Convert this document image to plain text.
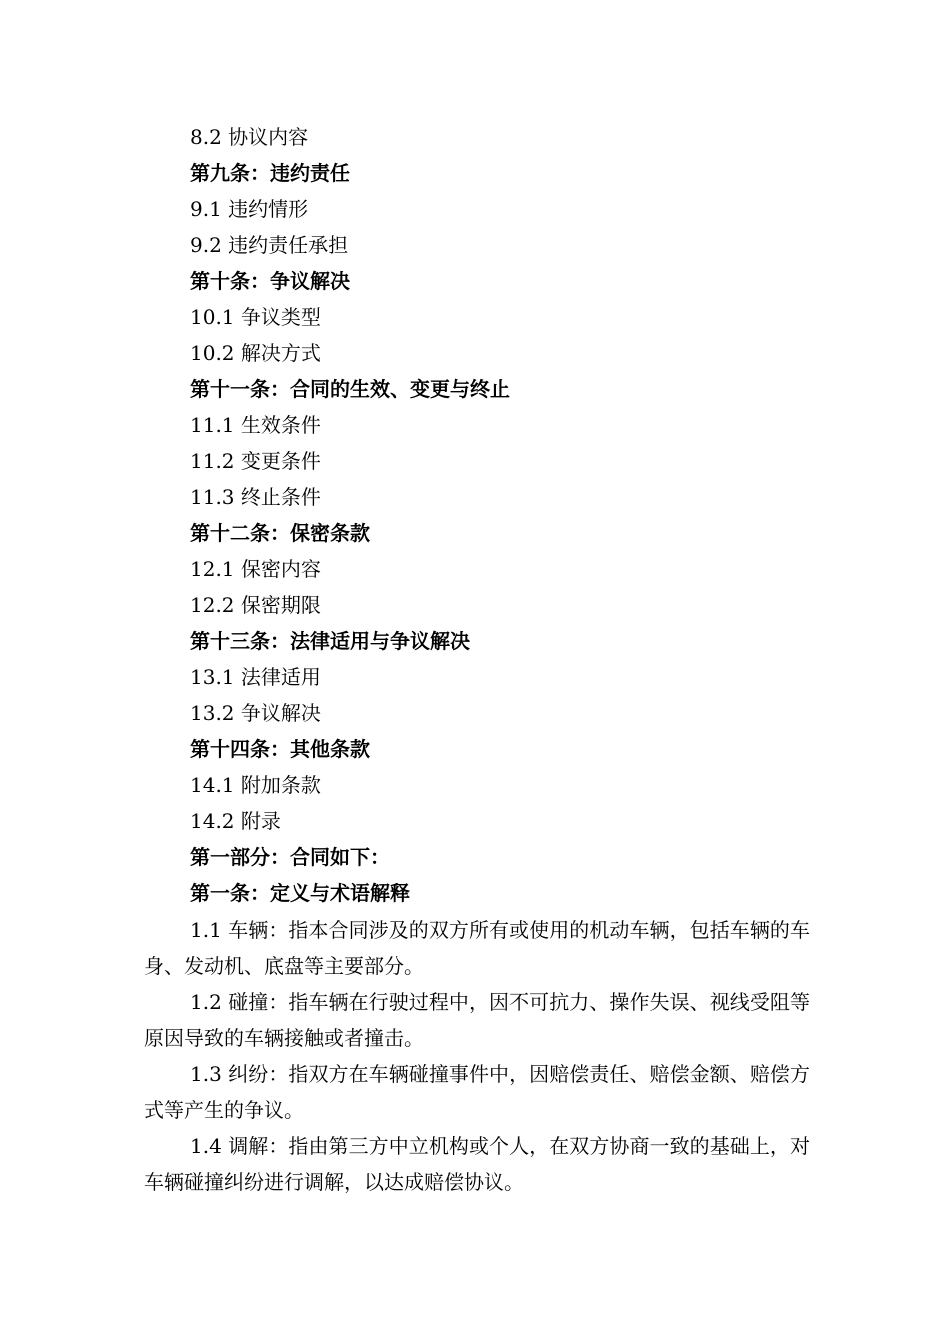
8.2 协议内容
第九条：违约责任
9.1 违约情形
9.2 违约责任承担
第十条：争议解决
10.1 争议类型
10.2 解决方式
第十一条：合同的生效、变更与终止
11.1 生效条件
11.2 变更条件
11.3 终止条件
第十二条：保密条款
12.1 保密内容
12.2 保密期限
第十三条：法律适用与争议解决
13.1 法律适用
13.2 争议解决
第十四条：其他条款
14.1 附加条款
14.2 附录
第一部分：合同如下：
第一条：定义与术语解释
1.1 车辆：指本合同涉及的双方所有或使用的机动车辆，包括车辆的车身、发动机、底盘等主要部分。
1.2 碰撞：指车辆在行驶过程中，因不可抗力、操作失误、视线受阻等原因导致的车辆接触或者撞击。
1.3 纠纷：指双方在车辆碰撞事件中，因赔偿责任、赔偿金额、赔偿方式等产生的争议。
1.4 调解：指由第三方中立机构或个人，在双方协商一致的基础上，对车辆碰撞纠纷进行调解，以达成赔偿协议。
